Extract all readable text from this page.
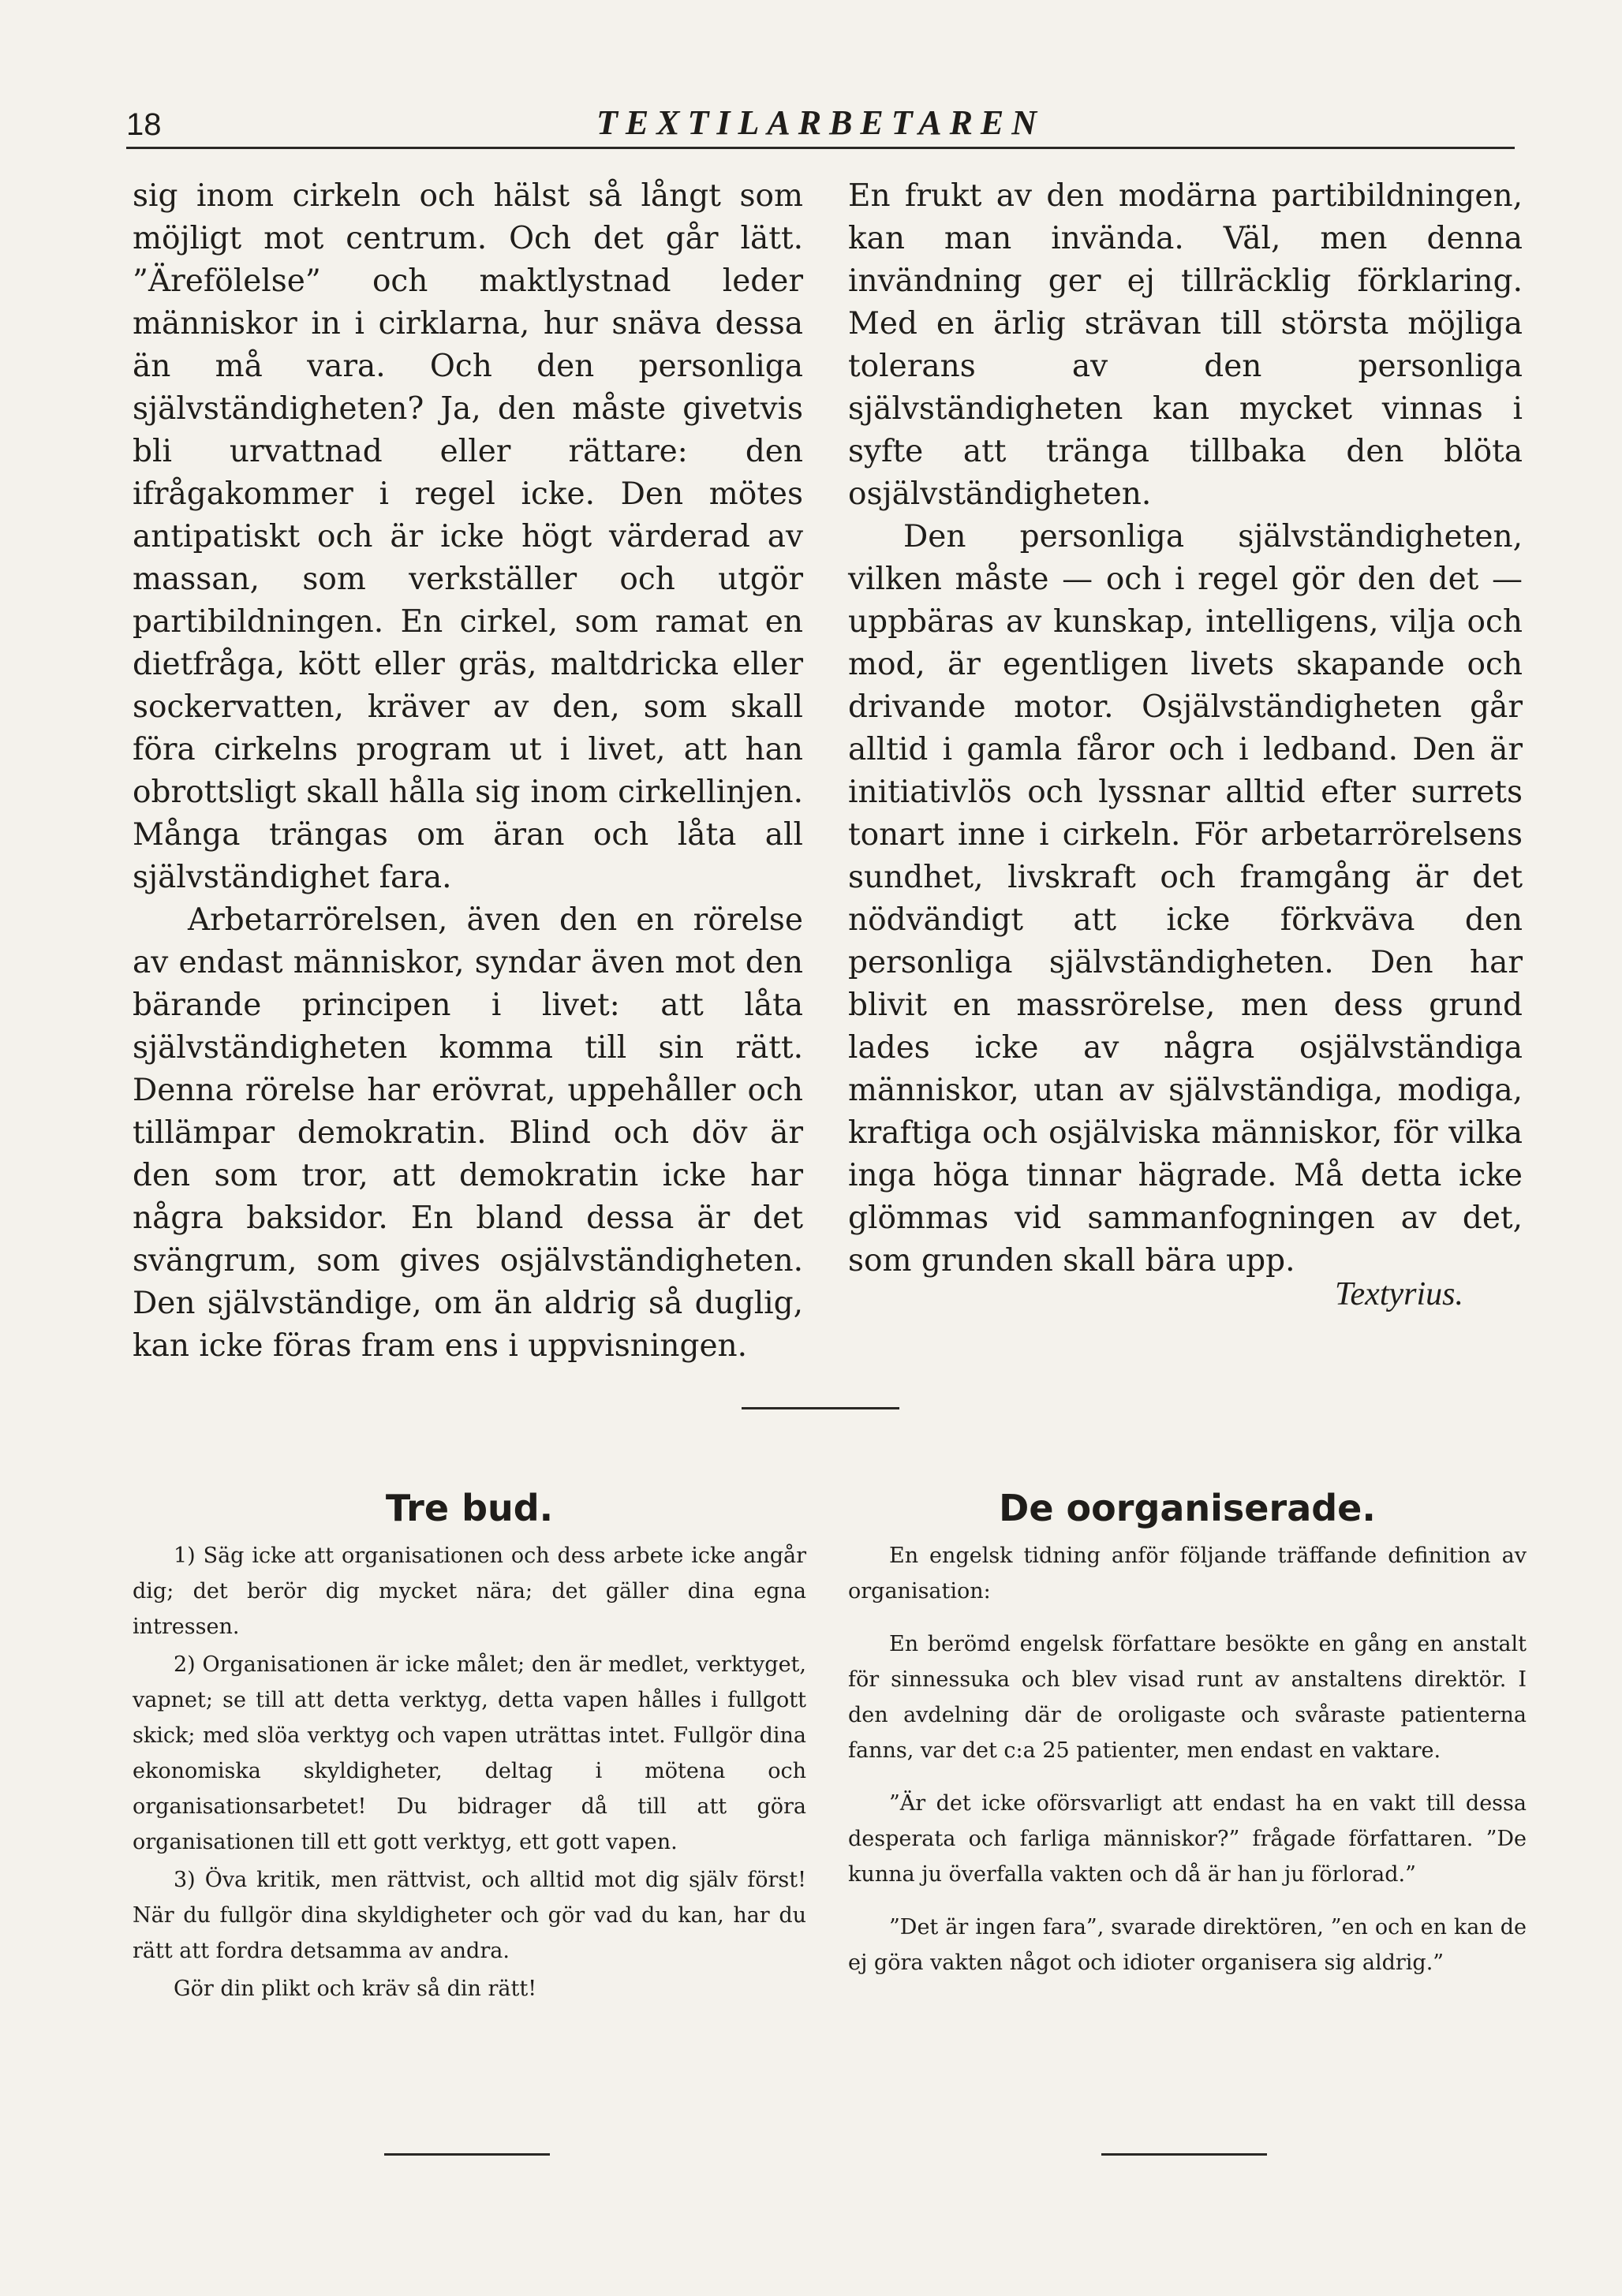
18	TEXTILARBETAREN

sig inom cirkeln och hälst så långt som möjligt mot centrum. Och det går lätt. ”Ärefölelse” och maktlystnad leder människor in i cirklarna, hur snäva dessa än må vara. Och den personliga självständigheten? Ja, den måste givetvis bli urvattnad eller rättare: den ifrågakommer i regel icke. Den mötes antipatiskt och är icke högt värderad av massan, som verkställer och utgör partibildningen. En cirkel, som ramat en dietfråga, kött eller gräs, maltdricka eller sockervatten, kräver av den, som skall föra cirkelns program ut i livet, att han obrottsligt skall hålla sig inom cirkellinjen. Många trängas om äran och låta all självständighet fara.

Arbetarrörelsen, även den en rörelse av endast människor, syndar även mot den bärande principen i livet: att låta självständigheten komma till sin rätt. Denna rörelse har erövrat, uppehåller och tillämpar demokratin. Blind och döv är den som tror, att demokratin icke har några baksidor. En bland dessa är det svängrum, som gives osjälvständigheten. Den självständige, om än aldrig så duglig, kan icke föras fram ens i uppvisningen.

En frukt av den modärna partibildningen, kan man invända. Väl, men denna invändning ger ej tillräcklig förklaring. Med en ärlig strävan till största möjliga tolerans av den personliga självständigheten kan mycket vinnas i syfte att tränga tillbaka den blöta osjälvständigheten.

Den personliga självständigheten, vilken måste — och i regel gör den det — uppbäras av kunskap, intelligens, vilja och mod, är egentligen livets skapande och drivande motor. Osjälvständigheten går alltid i gamla fåror och i ledband. Den är initiativlös och lyssnar alltid efter surrets tonart inne i cirkeln. För arbetarrörelsens sundhet, livskraft och framgång är det nödvändigt att icke förkväva den personliga självständigheten. Den har blivit en massrörelse, men dess grund lades icke av några osjälvständiga människor, utan av självständiga, modiga, kraftiga och osjälviska människor, för vilka inga höga tinnar hägrade. Må detta icke glömmas vid sammanfogningen av det, som grunden skall bära upp.

Textyrius.
Tre bud.

1) Säg icke att organisationen och dess arbete icke angår dig; det berör dig mycket nära; det gäller dina egna intressen.

2) Organisationen är icke målet; den är medlet, verktyget, vapnet; se till att detta verktyg, detta vapen hålles i fullgott skick; med slöa verktyg och vapen uträttas intet. Fullgör dina ekonomiska skyldigheter, deltag i mötena och organisationsarbetet! Du bidrager då till att göra organisationen till ett gott verktyg, ett gott vapen.

3) Öva kritik, men rättvist, och alltid mot dig själv först! När du fullgör dina skyldigheter och gör vad du kan, har du rätt att fordra detsamma av andra.

Gör din plikt och kräv så din rätt!

De oorganiserade.

En engelsk tidning anför följande träffande definition av organisation:

En berömd engelsk författare besökte en gång en anstalt för sinnessuka och blev visad runt av anstaltens direktör. I den avdelning där de oroligaste och svåraste patienterna fanns, var det c:a 25 patienter, men endast en vaktare.

”Är det icke oförsvarligt att endast ha en vakt till dessa desperata och farliga människor?” frågade författaren. ”De kunna ju överfalla vakten och då är han ju förlorad.”

”Det är ingen fara”, svarade direktören, ”en och en kan de ej göra vakten något och idioter organisera sig aldrig.”
